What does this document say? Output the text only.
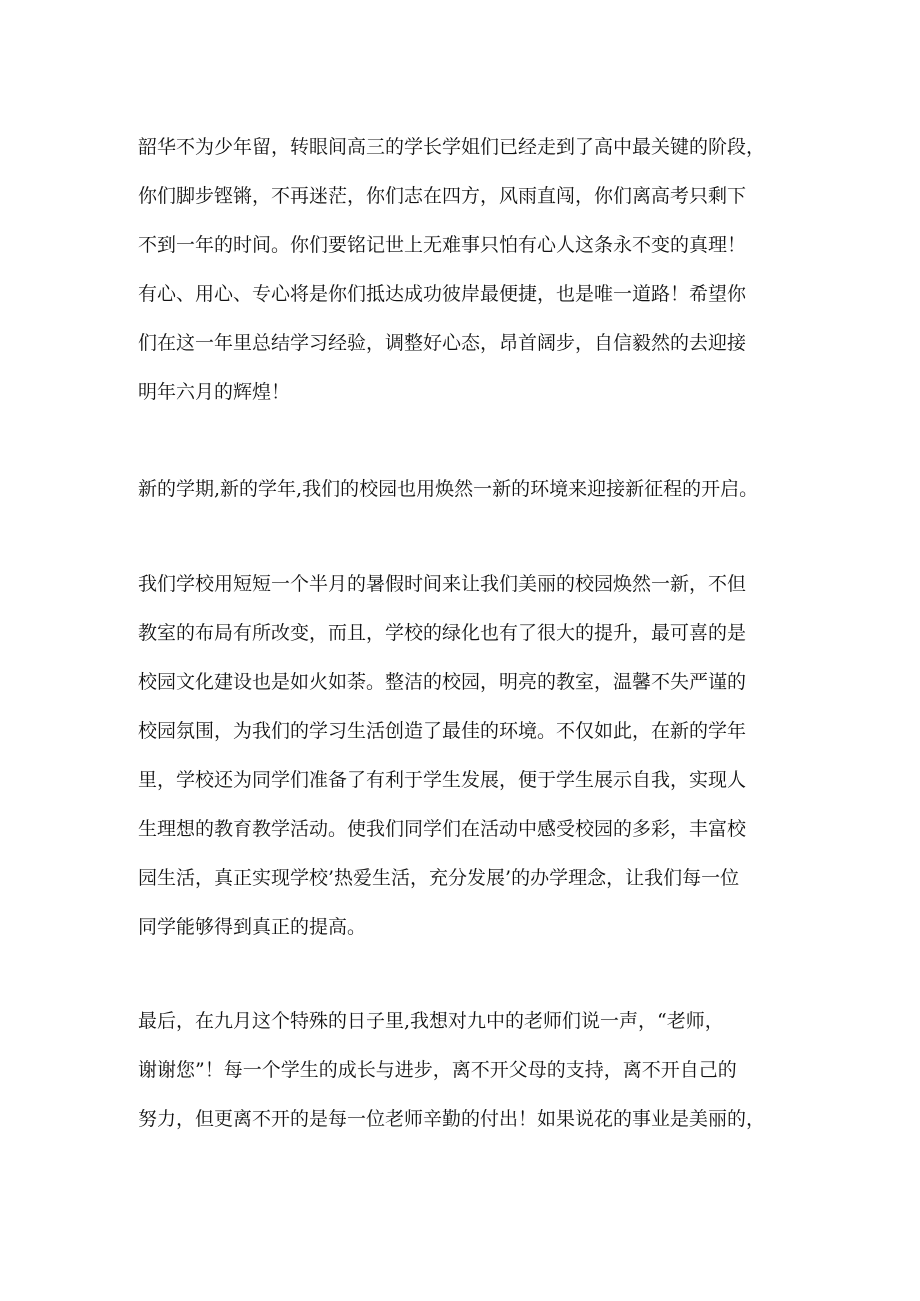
韶华不为少年留，转眼间高三的学长学姐们已经走到了高中最关键的阶段，

你们脚步铿锵，不再迷茫，你们志在四方，风雨直闯，你们离高考只剩下

不到一年的时间。你们要铭记世上无难事只怕有心人这条永不变的真理！

有心、用心、专心将是你们抵达成功彼岸最便捷，也是唯一道路！希望你

们在这一年里总结学习经验，调整好心态，昂首阔步，自信毅然的去迎接

明年六月的辉煌！

新的学期,新的学年,我们的校园也用焕然一新的环境来迎接新征程的开启。

我们学校用短短一个半月的暑假时间来让我们美丽的校园焕然一新，不但

教室的布局有所改变，而且，学校的绿化也有了很大的提升，最可喜的是

校园文化建设也是如火如荼。整洁的校园，明亮的教室，温馨不失严谨的

校园氛围，为我们的学习生活创造了最佳的环境。不仅如此，在新的学年

里，学校还为同学们准备了有利于学生发展，便于学生展示自我，实现人

生理想的教育教学活动。使我们同学们在活动中感受校园的多彩，丰富校

园生活，真正实现学校’热爱生活，充分发展’的办学理念，让我们每一位

同学能够得到真正的提高。

最后，在九月这个特殊的日子里,我想对九中的老师们说一声，“老师，

谢谢您”！每一个学生的成长与进步，离不开父母的支持，离不开自己的

努力，但更离不开的是每一位老师辛勤的付出！如果说花的事业是美丽的，
